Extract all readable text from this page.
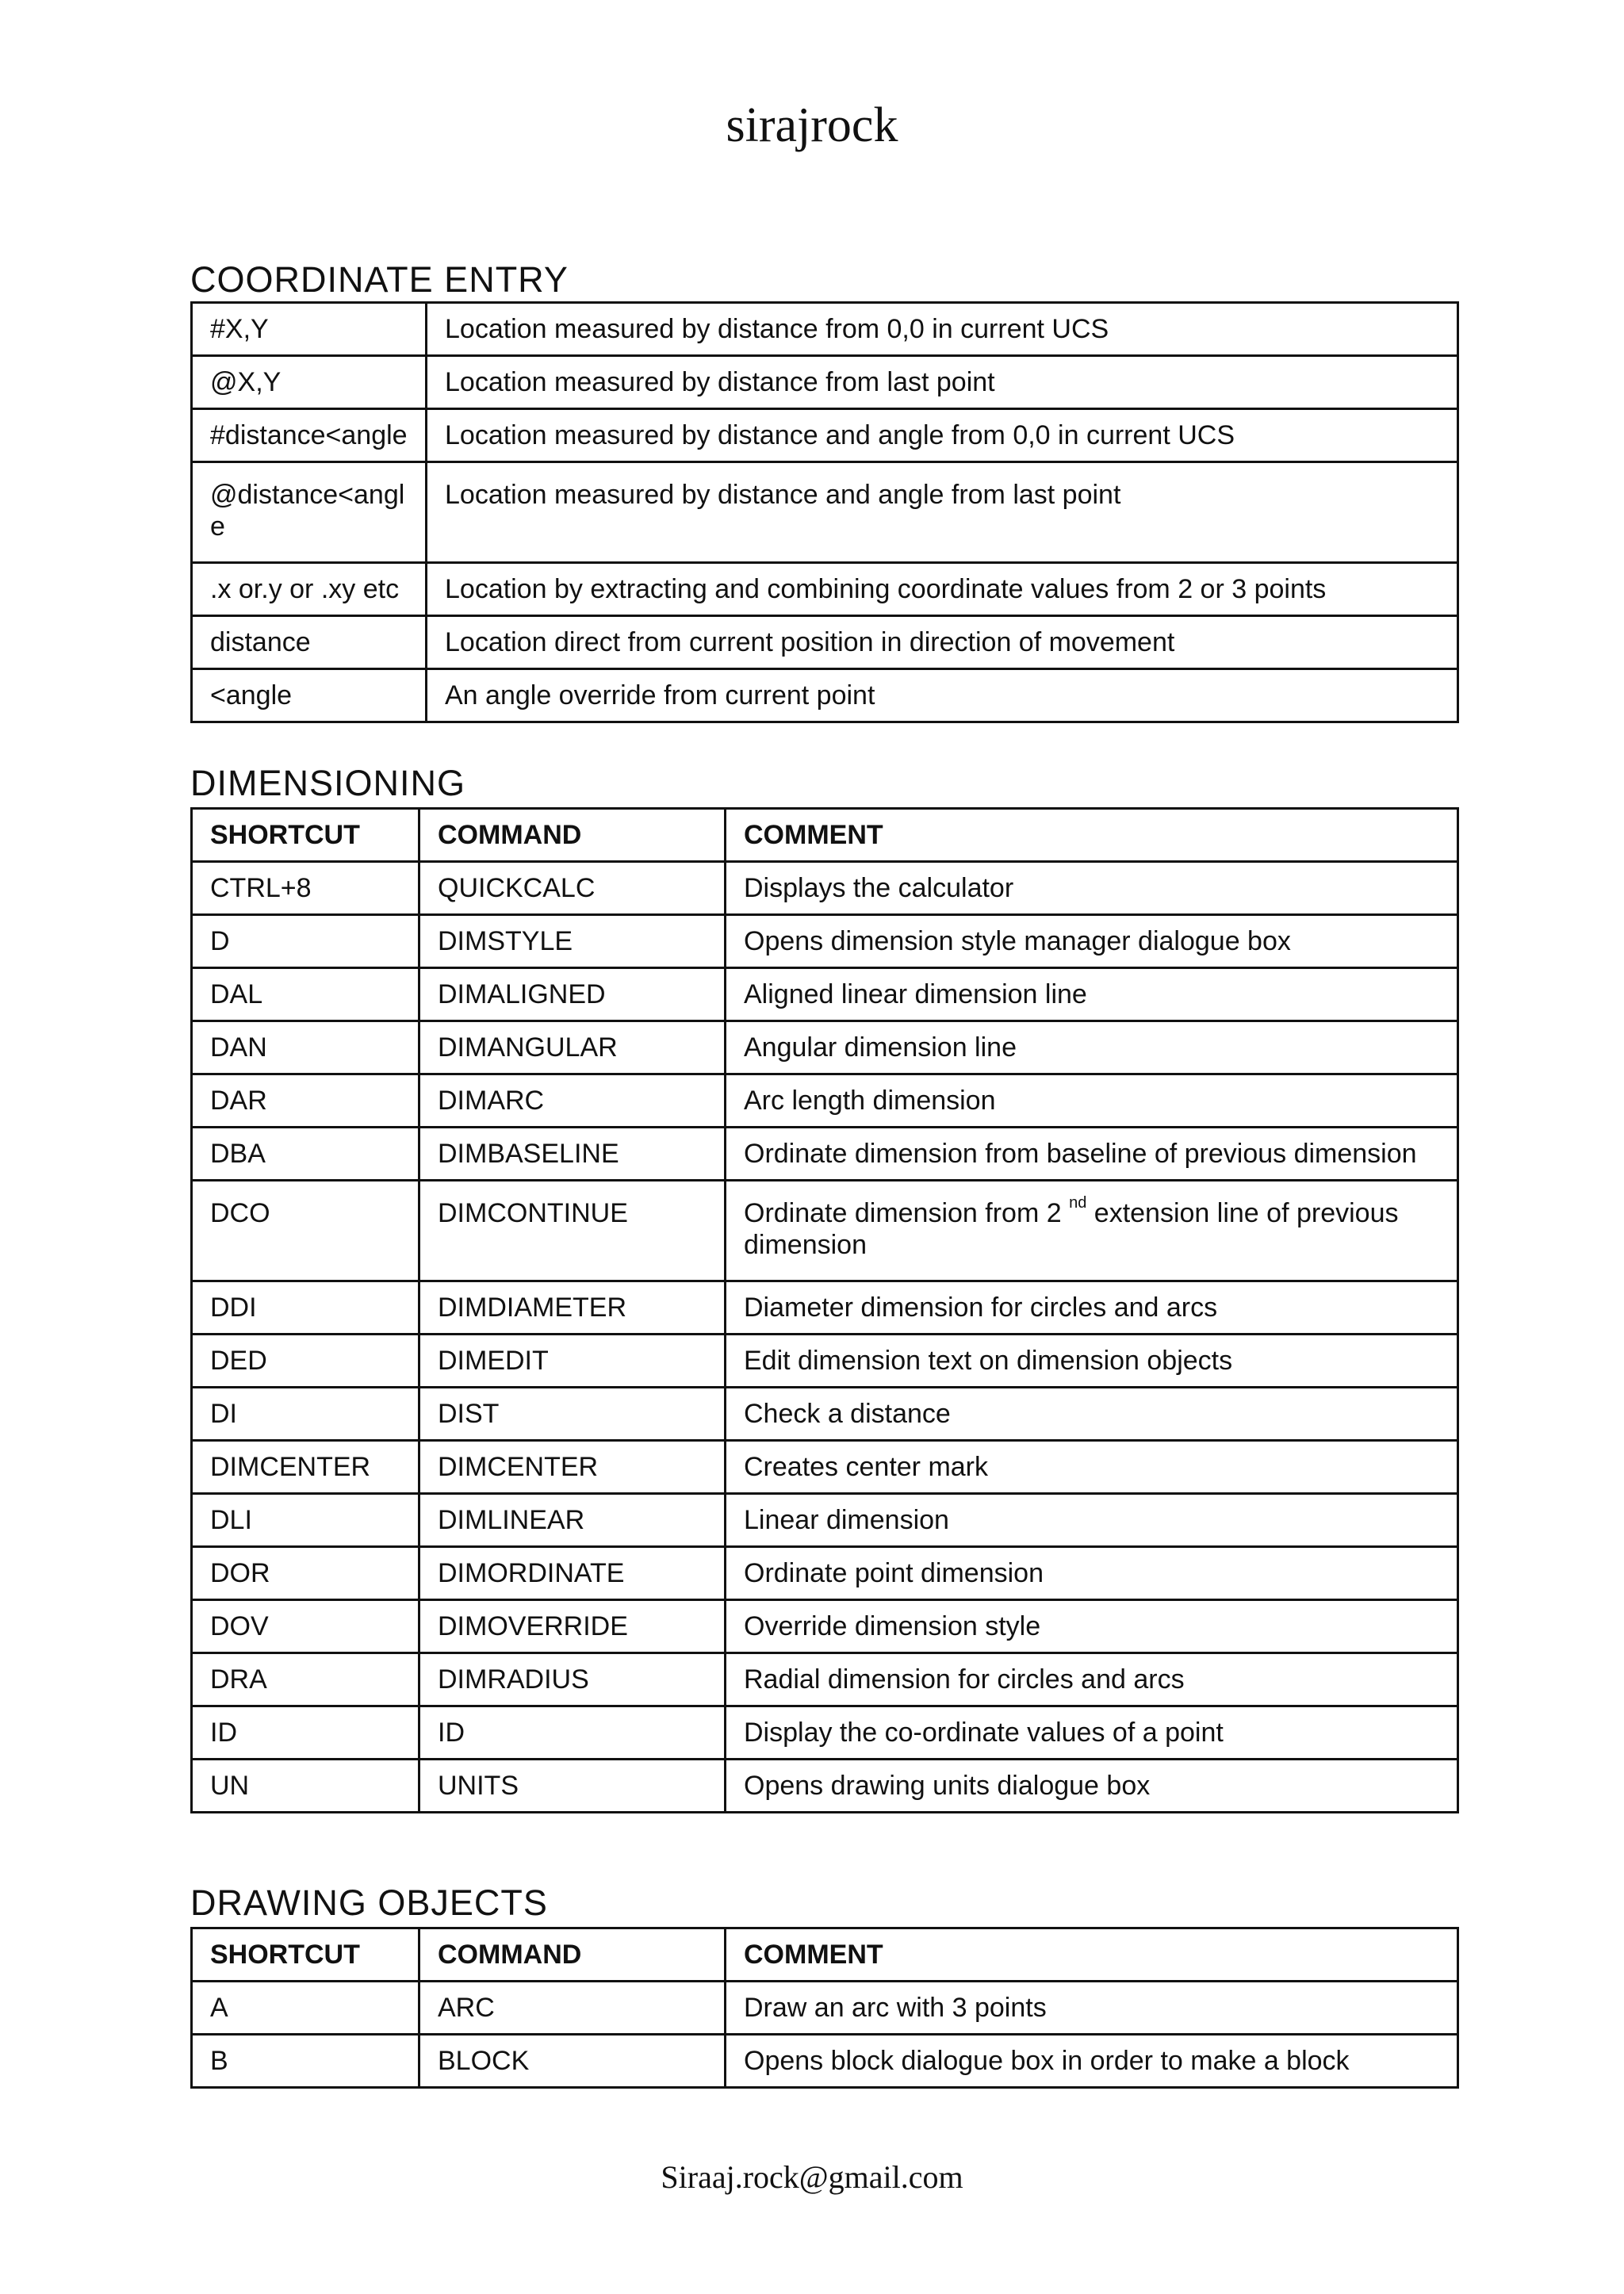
sirajrock
COORDINATE ENTRY
#X,Y	Location measured by distance from 0,0 in current UCS
@X,Y	Location measured by distance from last point
#distance<angle	Location measured by distance and angle from 0,0 in current UCS
@distance<angle	Location measured by distance and angle from last point
.x or.y or .xy etc	Location by extracting and combining coordinate values from 2 or 3 points
distance	Location direct from current position in direction of movement
<angle	An angle override from current point
DIMENSIONING
SHORTCUT	COMMAND	COMMENT
CTRL+8	QUICKCALC	Displays the calculator
D	DIMSTYLE	Opens dimension style manager dialogue box
DAL	DIMALIGNED	Aligned linear dimension line
DAN	DIMANGULAR	Angular dimension line
DAR	DIMARC	Arc length dimension
DBA	DIMBASELINE	Ordinate dimension from baseline of previous dimension
DCO	DIMCONTINUE	Ordinate dimension from 2 $^{nd}$ extension line of previous dimension
DDI	DIMDIAMETER	Diameter dimension for circles and arcs
DED	DIMEDIT	Edit dimension text on dimension objects
DI	DIST	Check a distance
DIMCENTER	DIMCENTER	Creates center mark
DLI	DIMLINEAR	Linear dimension
DOR	DIMORDINATE	Ordinate point dimension
DOV	DIMOVERRIDE	Override dimension style
DRA	DIMRADIUS	Radial dimension for circles and arcs
ID	ID	Display the co-ordinate values of a point
UN	UNITS	Opens drawing units dialogue box
DRAWING OBJECTS
SHORTCUT	COMMAND	COMMENT
A	ARC	Draw an arc with 3 points
B	BLOCK	Opens block dialogue box in order to make a block
Siraaj.rock@gmail.com
